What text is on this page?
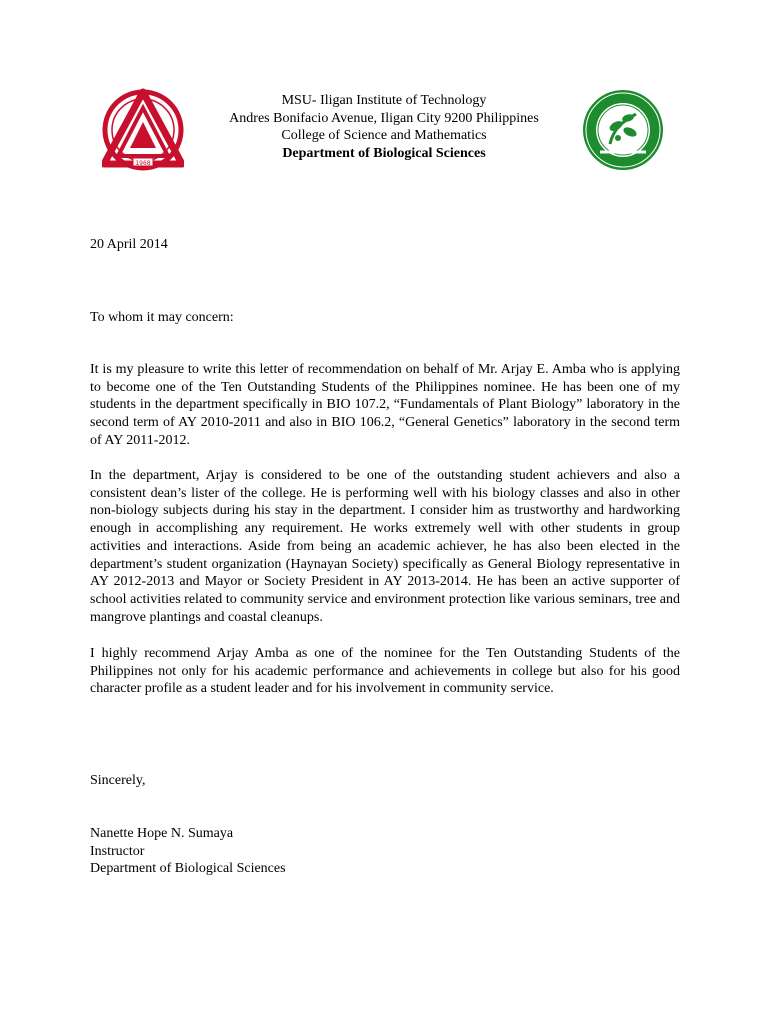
1968
MSU- Iligan Institute of Technology
Andres Bonifacio Avenue, Iligan City 9200 Philippines
College of Science and Mathematics
Department of Biological Sciences
20 April 2014
To whom it may concern:
It is my pleasure to write this letter of recommendation on behalf of Mr. Arjay E. Amba who is applying to become one of the Ten Outstanding Students of the Philippines nominee. He has been one of my students in the department specifically in BIO 107.2, “Fundamentals of Plant Biology” laboratory in the second term of AY 2010-2011 and also in BIO 106.2, “General Genetics” laboratory in the second term of AY 2011-2012.
In the department, Arjay is considered to be one of the outstanding student achievers and also a consistent dean’s lister of the college. He is performing well with his biology classes and also in other non-biology subjects during his stay in the department. I consider him as trustworthy and hardworking enough in accomplishing any requirement. He works extremely well with other students in group activities and interactions. Aside from being an academic achiever, he has also been elected in the department’s student organization (Haynayan Society) specifically as General Biology representative in AY 2012-2013 and Mayor or Society President in AY 2013-2014. He has been an active supporter of school activities related to community service and environment protection like various seminars, tree and mangrove plantings and coastal cleanups.
I highly recommend Arjay Amba as one of the nominee for the Ten Outstanding Students of the Philippines not only for his academic performance and achievements in college but also for his good character profile as a student leader and for his involvement in community service.
Sincerely,
Nanette Hope N. Sumaya
Instructor
Department of Biological Sciences
